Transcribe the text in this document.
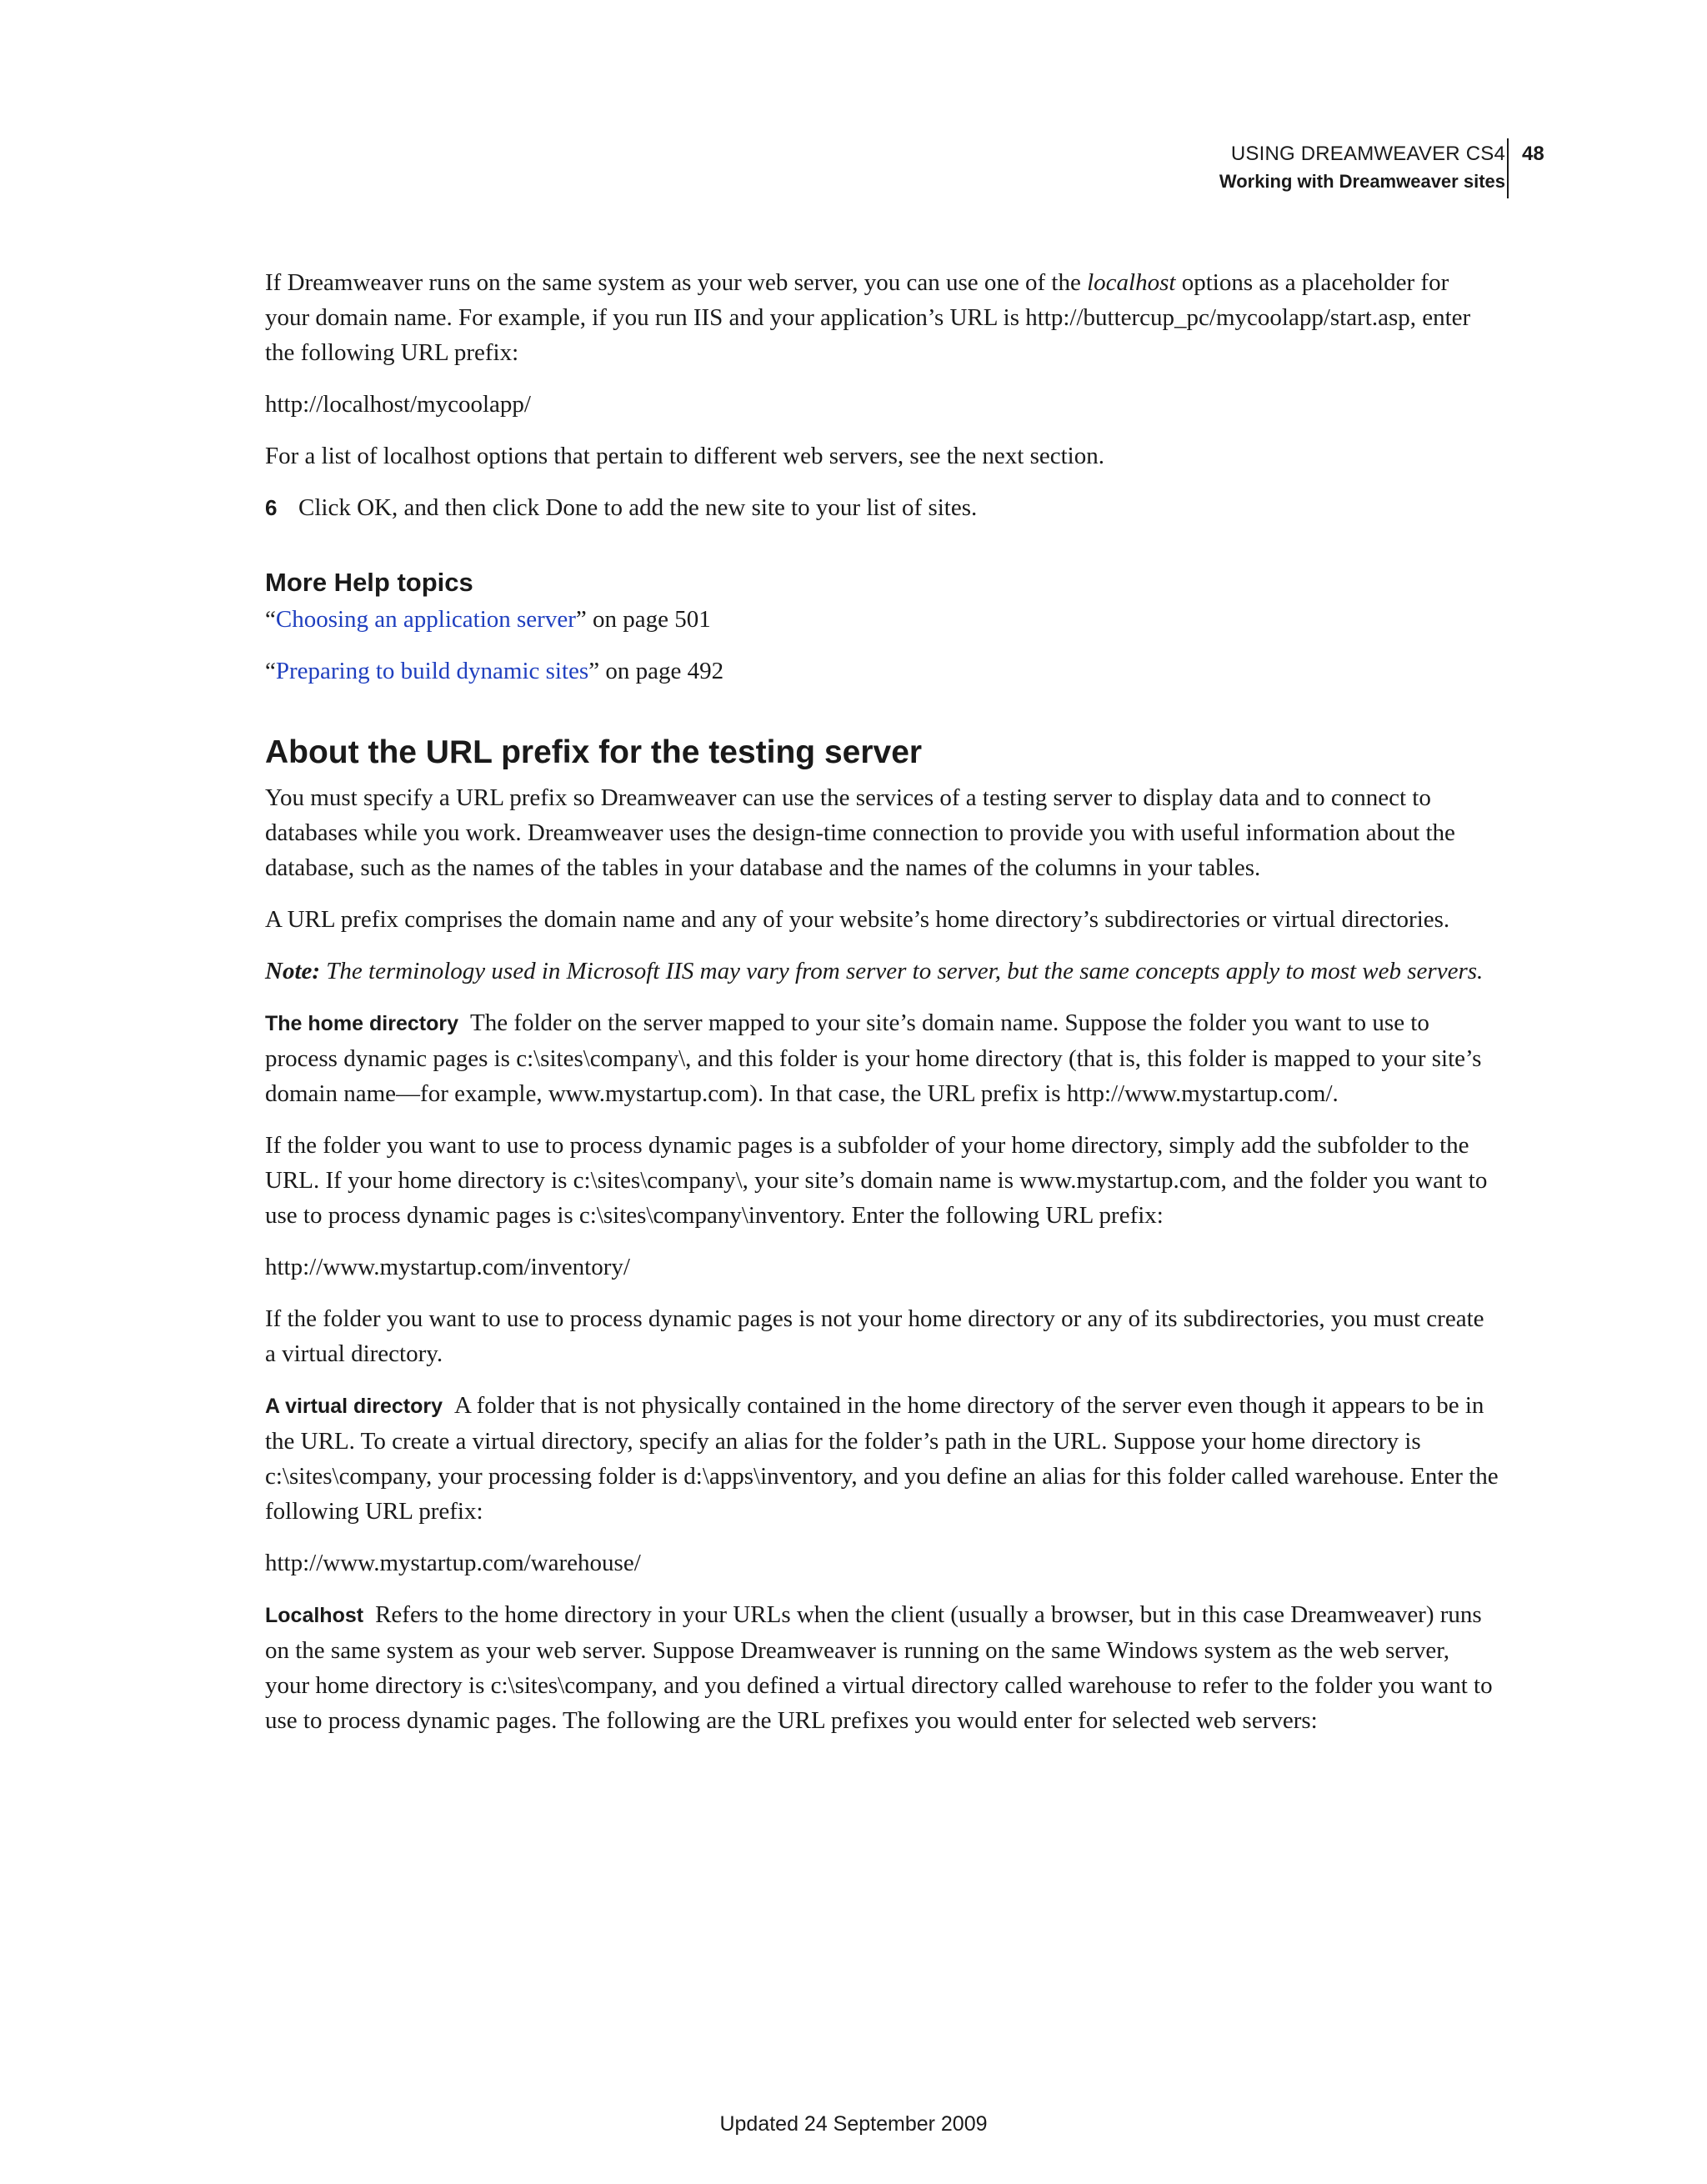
USING DREAMWEAVER CS4
Working with Dreamweaver sites
48

If Dreamweaver runs on the same system as your web server, you can use one of the localhost options as a placeholder for your domain name. For example, if you run IIS and your application’s URL is http://buttercup_pc/mycoolapp/start.asp, enter the following URL prefix:

http://localhost/mycoolapp/

For a list of localhost options that pertain to different web servers, see the next section.

6 Click OK, and then click Done to add the new site to your list of sites.

More Help topics

“Choosing an application server” on page 501

“Preparing to build dynamic sites” on page 492

About the URL prefix for the testing server

You must specify a URL prefix so Dreamweaver can use the services of a testing server to display data and to connect to databases while you work. Dreamweaver uses the design-time connection to provide you with useful information about the database, such as the names of the tables in your database and the names of the columns in your tables.

A URL prefix comprises the domain name and any of your website’s home directory’s subdirectories or virtual directories.

Note: The terminology used in Microsoft IIS may vary from server to server, but the same concepts apply to most web servers.

The home directory The folder on the server mapped to your site’s domain name. Suppose the folder you want to use to process dynamic pages is c:\sites\company\, and this folder is your home directory (that is, this folder is mapped to your site’s domain name—for example, www.mystartup.com). In that case, the URL prefix is http://www.mystartup.com/.

If the folder you want to use to process dynamic pages is a subfolder of your home directory, simply add the subfolder to the URL. If your home directory is c:\sites\company\, your site’s domain name is www.mystartup.com, and the folder you want to use to process dynamic pages is c:\sites\company\inventory. Enter the following URL prefix:

http://www.mystartup.com/inventory/

If the folder you want to use to process dynamic pages is not your home directory or any of its subdirectories, you must create a virtual directory.

A virtual directory A folder that is not physically contained in the home directory of the server even though it appears to be in the URL. To create a virtual directory, specify an alias for the folder’s path in the URL. Suppose your home directory is c:\sites\company, your processing folder is d:\apps\inventory, and you define an alias for this folder called warehouse. Enter the following URL prefix:

http://www.mystartup.com/warehouse/

Localhost Refers to the home directory in your URLs when the client (usually a browser, but in this case Dreamweaver) runs on the same system as your web server. Suppose Dreamweaver is running on the same Windows system as the web server, your home directory is c:\sites\company, and you defined a virtual directory called warehouse to refer to the folder you want to use to process dynamic pages. The following are the URL prefixes you would enter for selected web servers:

Updated 24 September 2009
